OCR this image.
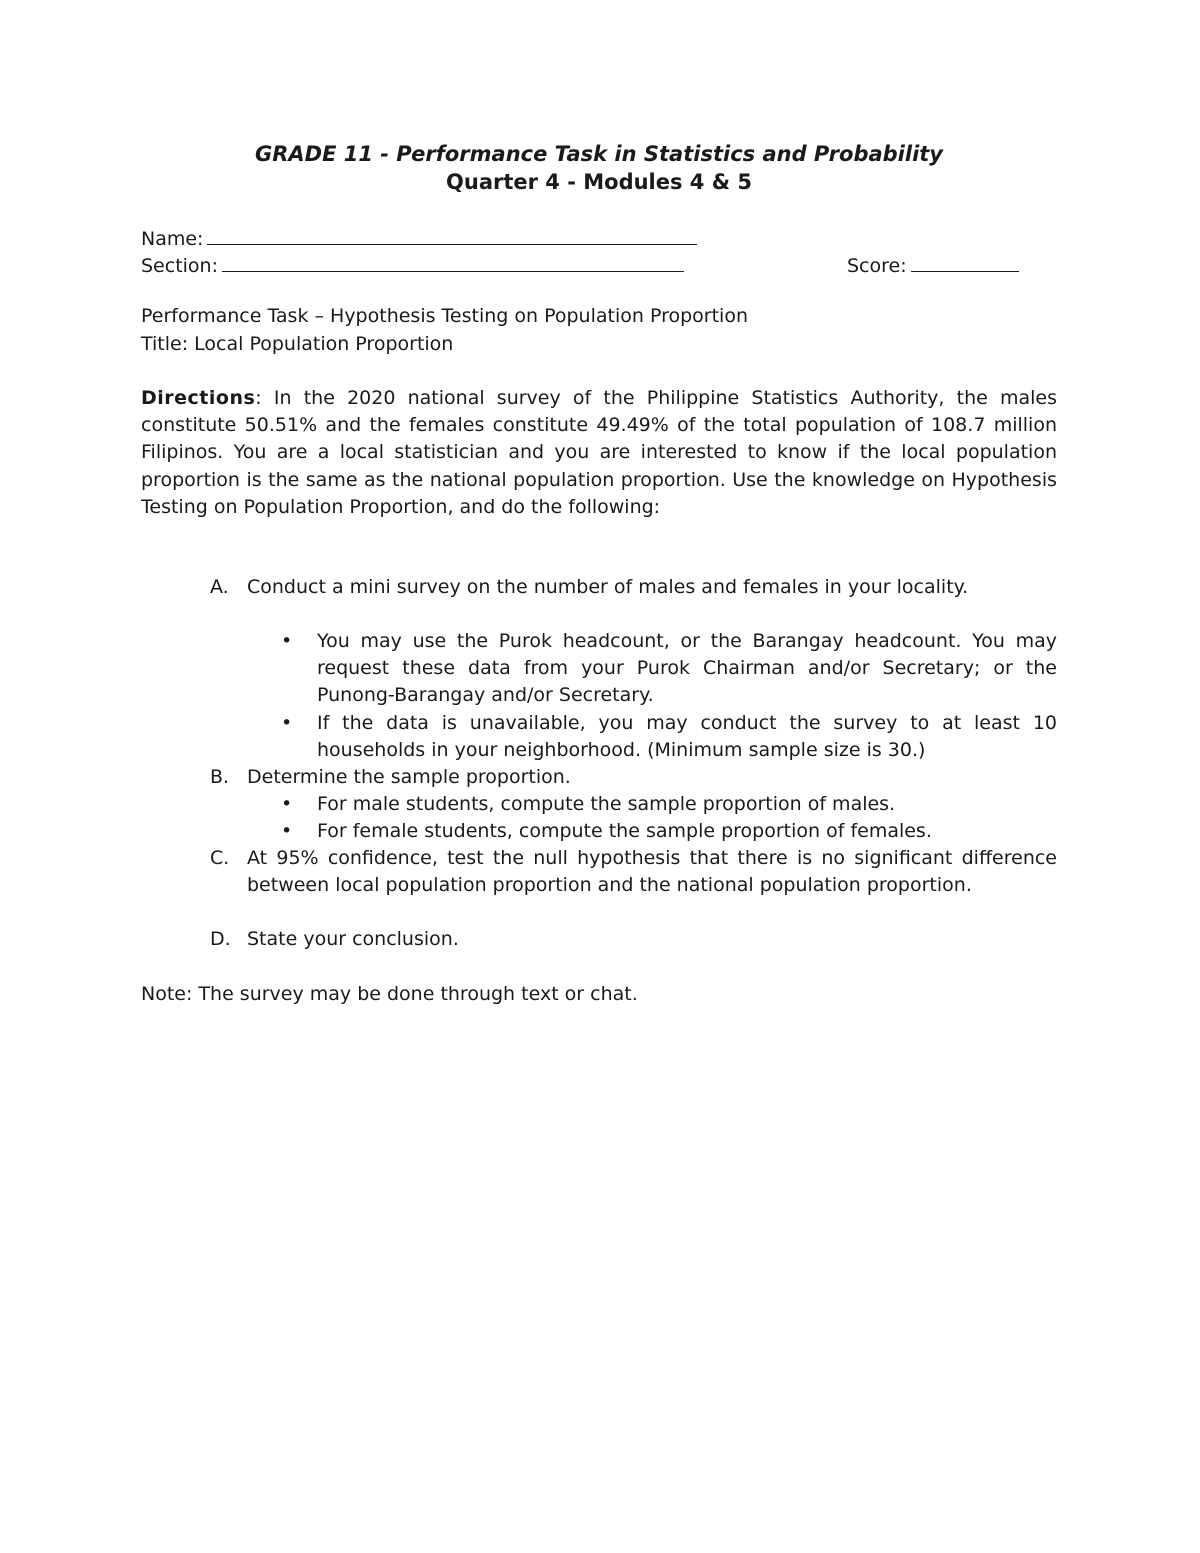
GRADE 11 - Performance Task in Statistics and Probability
Quarter 4 - Modules 4 & 5
Name:
Section:	Score:

Performance Task – Hypothesis Testing on Population Proportion

Title: Local Population Proportion

Directions: In the 2020 national survey of the Philippine Statistics Authority, the males constitute 50.51% and the females constitute 49.49% of the total population of 108.7 million Filipinos. You are a local statistician and you are interested to know if the local population proportion is the same as the national population proportion. Use the knowledge on Hypothesis Testing on Population Proportion, and do the following:

A. Conduct a mini survey on the number of males and females in your locality.
• You may use the Purok headcount, or the Barangay headcount. You may request these data from your Purok Chairman and/or Secretary; or the Punong-Barangay and/or Secretary.
• If the data is unavailable, you may conduct the survey to at least 10 households in your neighborhood. (Minimum sample size is 30.)
B. Determine the sample proportion.
• For male students, compute the sample proportion of males.
• For female students, compute the sample proportion of females.
C. At 95% confidence, test the null hypothesis that there is no significant difference between local population proportion and the national population proportion.
D. State your conclusion.

Note: The survey may be done through text or chat.
